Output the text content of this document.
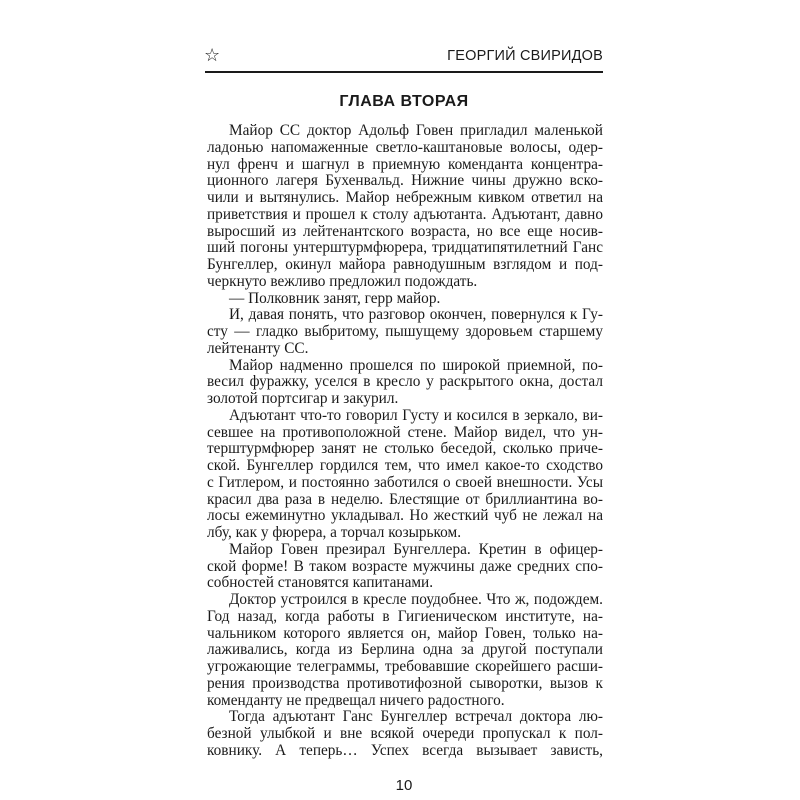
☆	ГЕОРГИЙ СВИРИДОВ
ГЛАВА ВТОРАЯ
Майор СС доктор Адольф Говен пригладил маленькой
ладонью напомаженные светло-каштановые волосы, одер-
нул френч и шагнул в приемную коменданта концентра-
ционного лагеря Бухенвальд. Нижние чины дружно вско-
чили и вытянулись. Майор небрежным кивком ответил на
приветствия и прошел к столу адъютанта. Адъютант, давно
выросший из лейтенантского возраста, но все еще носив-
ший погоны унтерштурмфюрера, тридцатипятилетний Ганс
Бунгеллер, окинул майора равнодушным взглядом и под-
черкнуто вежливо предложил подождать.
— Полковник занят, герр майор.
И, давая понять, что разговор окончен, повернулся к Гу-
сту — гладко выбритому, пышущему здоровьем старшему
лейтенанту СС.
Майор надменно прошелся по широкой приемной, по-
весил фуражку, уселся в кресло у раскрытого окна, достал
золотой портсигар и закурил.
Адъютант что-то говорил Густу и косился в зеркало, ви-
севшее на противоположной стене. Майор видел, что ун-
терштурмфюрер занят не столько беседой, сколько приче-
ской. Бунгеллер гордился тем, что имел какое-то сходство
с Гитлером, и постоянно заботился о своей внешности. Усы
красил два раза в неделю. Блестящие от бриллиантина во-
лосы ежеминутно укладывал. Но жесткий чуб не лежал на
лбу, как у фюрера, а торчал козырьком.
Майор Говен презирал Бунгеллера. Кретин в офицер-
ской форме! В таком возрасте мужчины даже средних спо-
собностей становятся капитанами.
Доктор устроился в кресле поудобнее. Что ж, подождем.
Год назад, когда работы в Гигиеническом институте, на-
чальником которого является он, майор Говен, только на-
лаживались, когда из Берлина одна за другой поступали
угрожающие телеграммы, требовавшие скорейшего расши-
рения производства противотифозной сыворотки, вызов к
коменданту не предвещал ничего радостного.
Тогда адъютант Ганс Бунгеллер встречал доктора лю-
безной улыбкой и вне всякой очереди пропускал к пол-
ковнику. А теперь… Успех всегда вызывает зависть,
10
